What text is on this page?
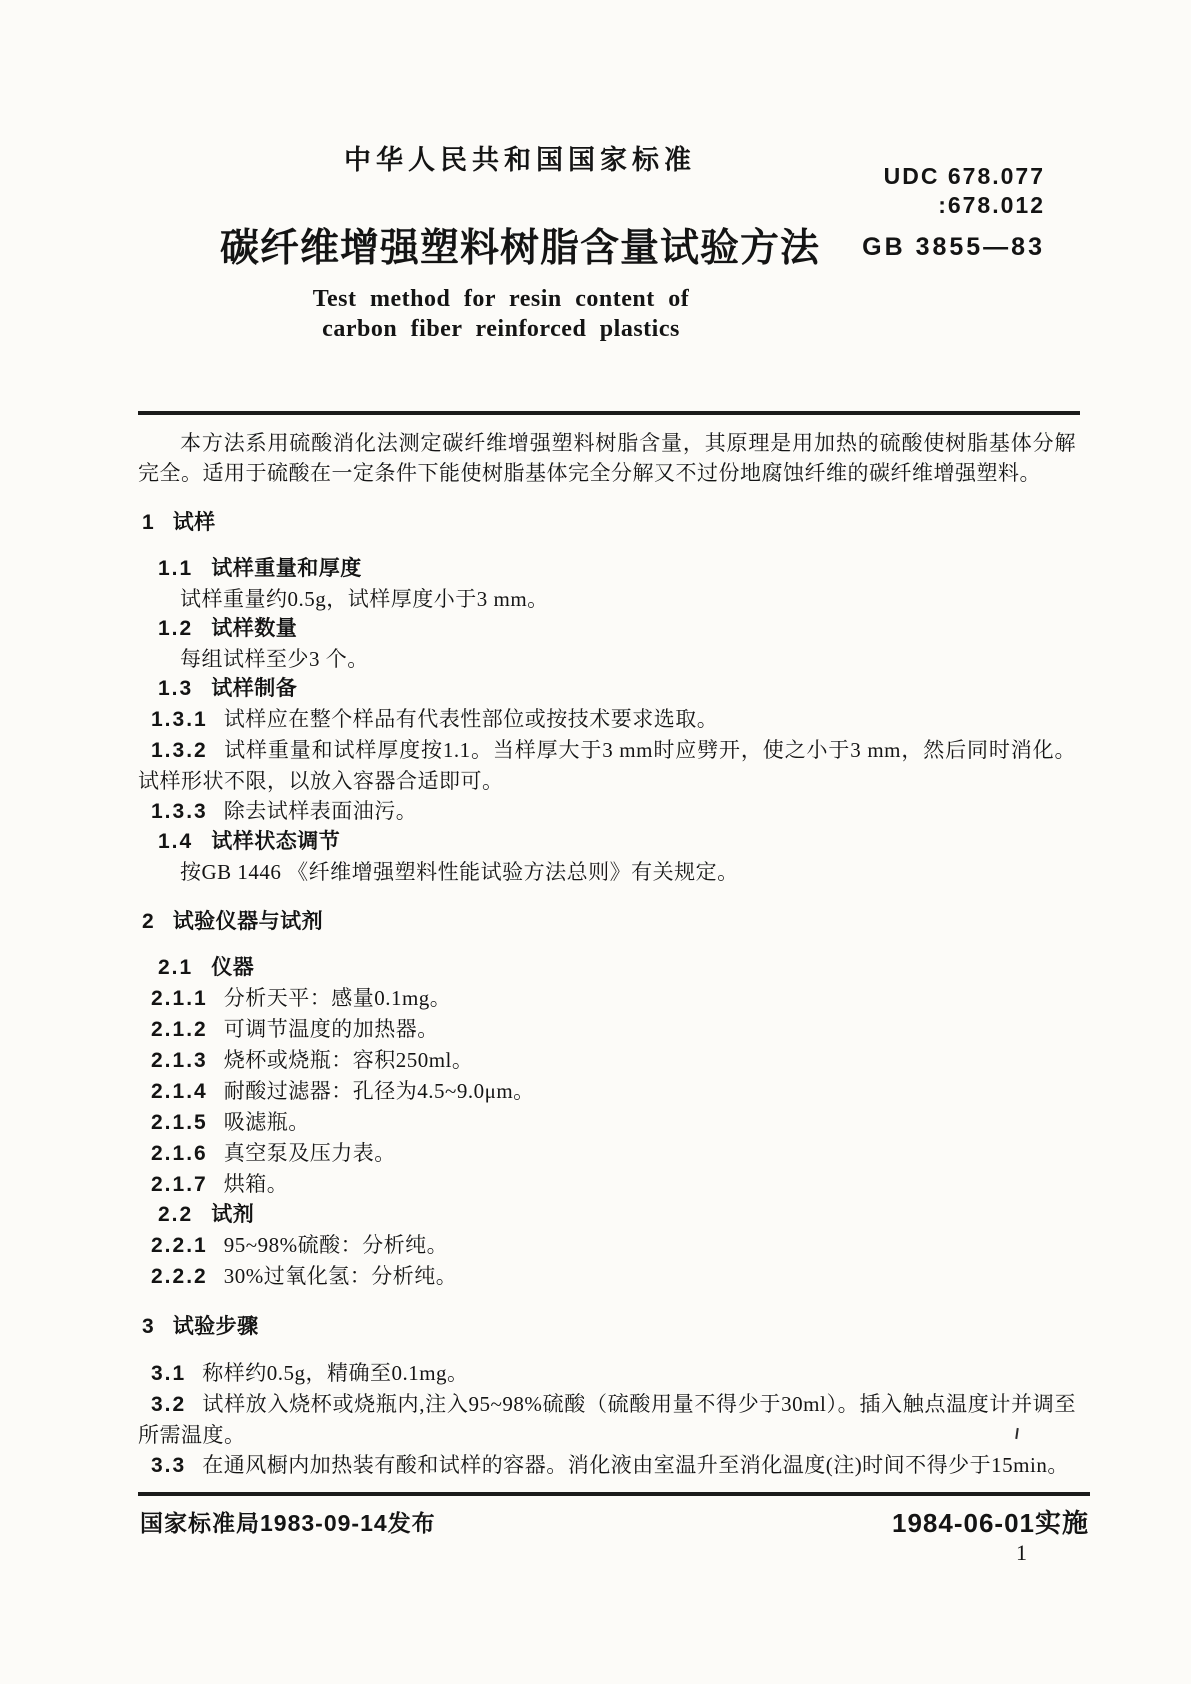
中华人民共和国国家标准
UDC 678.077
:678.012
碳纤维增强塑料树脂含量试验方法	GB 3855—83
Test method for resin content of
carbon fiber reinforced plastics

本方法系用硫酸消化法测定碳纤维增强塑料树脂含量，其原理是用加热的硫酸使树脂基体分解完全。适用于硫酸在一定条件下能使树脂基体完全分解又不过份地腐蚀纤维的碳纤维增强塑料。

1 试样

1.1 试样重量和厚度

试样重量约0.5g，试样厚度小于3 mm。

1.2 试样数量

每组试样至少3 个。

1.3 试样制备

1.3.1 试样应在整个样品有代表性部位或按技术要求选取。

1.3.2 试样重量和试样厚度按1.1。当样厚大于3 mm时应劈开，使之小于3 mm，然后同时消化。试样形状不限，以放入容器合适即可。

1.3.3 除去试样表面油污。

1.4 试样状态调节

按GB 1446 《纤维增强塑料性能试验方法总则》有关规定。

2 试验仪器与试剂

2.1 仪器

2.1.1 分析天平：感量0.1mg。

2.1.2 可调节温度的加热器。

2.1.3 烧杯或烧瓶：容积250ml。

2.1.4 耐酸过滤器：孔径为4.5~9.0μm。

2.1.5 吸滤瓶。

2.1.6 真空泵及压力表。

2.1.7 烘箱。

2.2 试剂

2.2.1 95~98%硫酸：分析纯。

2.2.2 30%过氧化氢：分析纯。

3 试验步骤

3.1 称样约0.5g，精确至0.1mg。

3.2 试样放入烧杯或烧瓶内,注入95~98%硫酸（硫酸用量不得少于30ml）。插入触点温度计并调至所需温度。

3.3 在通风橱内加热装有酸和试样的容器。消化液由室温升至消化温度(注)时间不得少于15min。

国家标准局1983-09-14发布	1984-06-01实施
1
